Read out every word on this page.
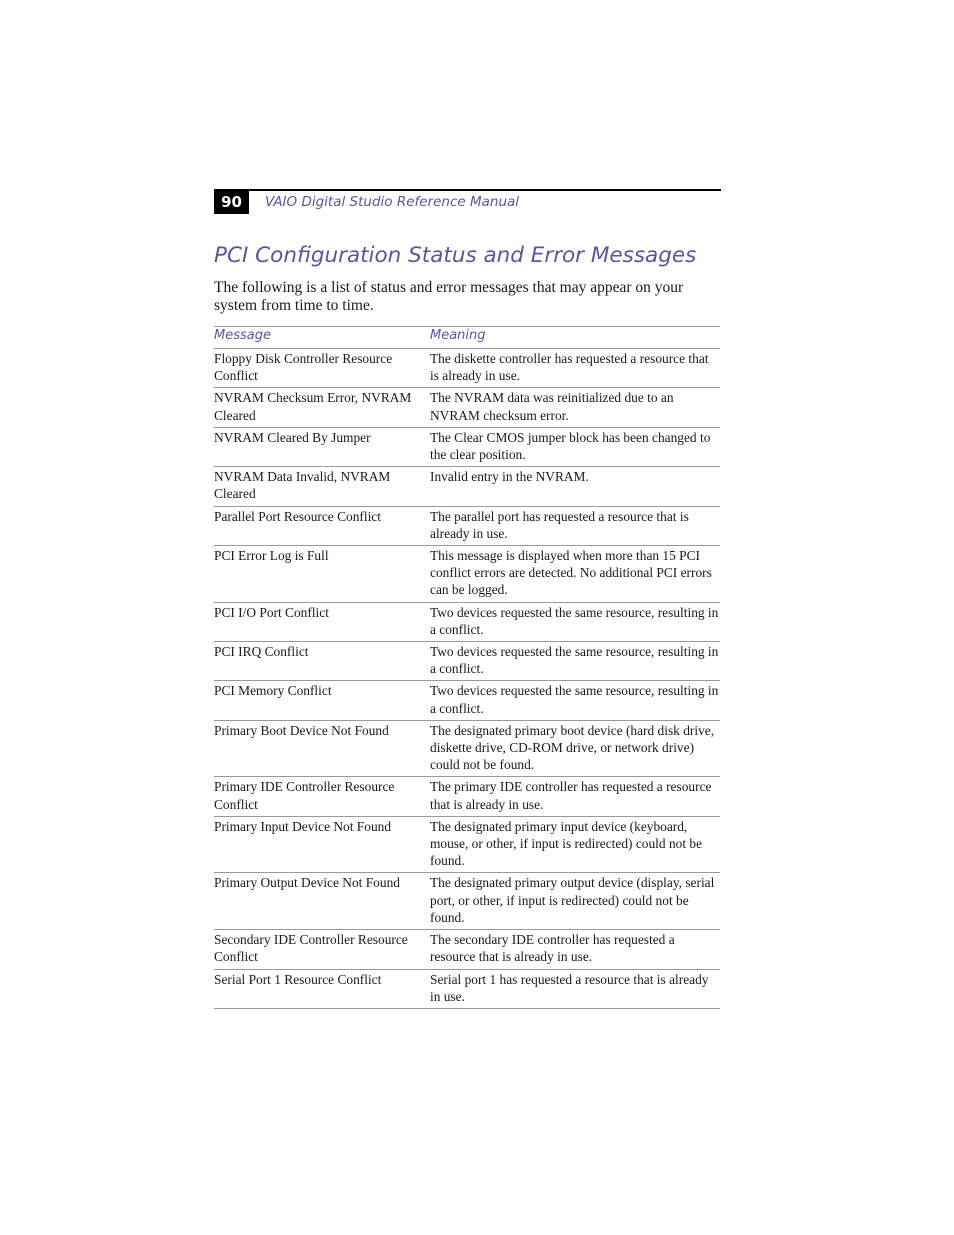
90	VAIO Digital Studio Reference Manual
PCI Configuration Status and Error Messages

The following is a list of status and error messages that may appear on your system from time to time.

Message	Meaning
Floppy Disk Controller Resource Conflict	The diskette controller has requested a resource that is already in use.
NVRAM Checksum Error, NVRAM Cleared	The NVRAM data was reinitialized due to an NVRAM checksum error.
NVRAM Cleared By Jumper	The Clear CMOS jumper block has been changed to the clear position.
NVRAM Data Invalid, NVRAM Cleared	Invalid entry in the NVRAM.
Parallel Port Resource Conflict	The parallel port has requested a resource that is already in use.
PCI Error Log is Full	This message is displayed when more than 15 PCI conflict errors are detected. No additional PCI errors can be logged.
PCI I/O Port Conflict	Two devices requested the same resource, resulting in a conflict.
PCI IRQ Conflict	Two devices requested the same resource, resulting in a conflict.
PCI Memory Conflict	Two devices requested the same resource, resulting in a conflict.
Primary Boot Device Not Found	The designated primary boot device (hard disk drive, diskette drive, CD-ROM drive, or network drive) could not be found.
Primary IDE Controller Resource Conflict	The primary IDE controller has requested a resource that is already in use.
Primary Input Device Not Found	The designated primary input device (keyboard, mouse, or other, if input is redirected) could not be found.
Primary Output Device Not Found	The designated primary output device (display, serial port, or other, if input is redirected) could not be found.
Secondary IDE Controller Resource Conflict	The secondary IDE controller has requested a resource that is already in use.
Serial Port 1 Resource Conflict	Serial port 1 has requested a resource that is already in use.
